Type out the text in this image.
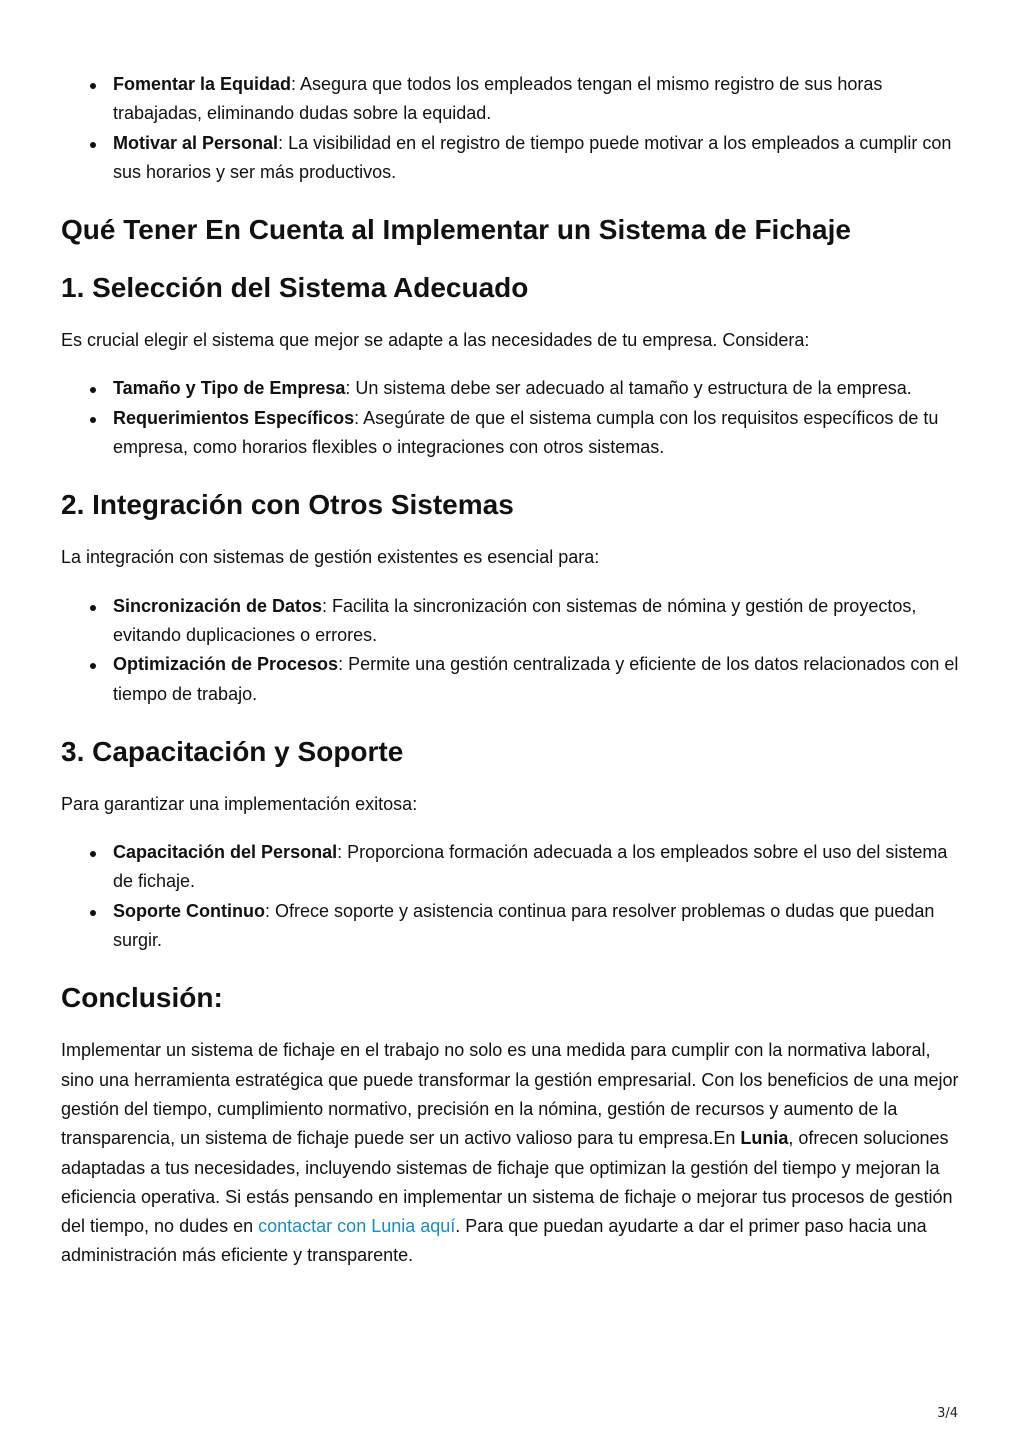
Fomentar la Equidad: Asegura que todos los empleados tengan el mismo registro de sus horas trabajadas, eliminando dudas sobre la equidad.
Motivar al Personal: La visibilidad en el registro de tiempo puede motivar a los empleados a cumplir con sus horarios y ser más productivos.
Qué Tener En Cuenta al Implementar un Sistema de Fichaje
1. Selección del Sistema Adecuado

Es crucial elegir el sistema que mejor se adapte a las necesidades de tu empresa. Considera:

Tamaño y Tipo de Empresa: Un sistema debe ser adecuado al tamaño y estructura de la empresa.
Requerimientos Específicos: Asegúrate de que el sistema cumpla con los requisitos específicos de tu empresa, como horarios flexibles o integraciones con otros sistemas.
2. Integración con Otros Sistemas

La integración con sistemas de gestión existentes es esencial para:

Sincronización de Datos: Facilita la sincronización con sistemas de nómina y gestión de proyectos, evitando duplicaciones o errores.
Optimización de Procesos: Permite una gestión centralizada y eficiente de los datos relacionados con el tiempo de trabajo.
3. Capacitación y Soporte

Para garantizar una implementación exitosa:

Capacitación del Personal: Proporciona formación adecuada a los empleados sobre el uso del sistema de fichaje.
Soporte Continuo: Ofrece soporte y asistencia continua para resolver problemas o dudas que puedan surgir.
Conclusión:

Implementar un sistema de fichaje en el trabajo no solo es una medida para cumplir con la normativa laboral, sino una herramienta estratégica que puede transformar la gestión empresarial. Con los beneficios de una mejor gestión del tiempo, cumplimiento normativo, precisión en la nómina, gestión de recursos y aumento de la transparencia, un sistema de fichaje puede ser un activo valioso para tu empresa.En Lunia, ofrecen soluciones adaptadas a tus necesidades, incluyendo sistemas de fichaje que optimizan la gestión del tiempo y mejoran la eficiencia operativa. Si estás pensando en implementar un sistema de fichaje o mejorar tus procesos de gestión del tiempo, no dudes en contactar con Lunia aquí. Para que puedan ayudarte a dar el primer paso hacia una administración más eficiente y transparente.

3/4
